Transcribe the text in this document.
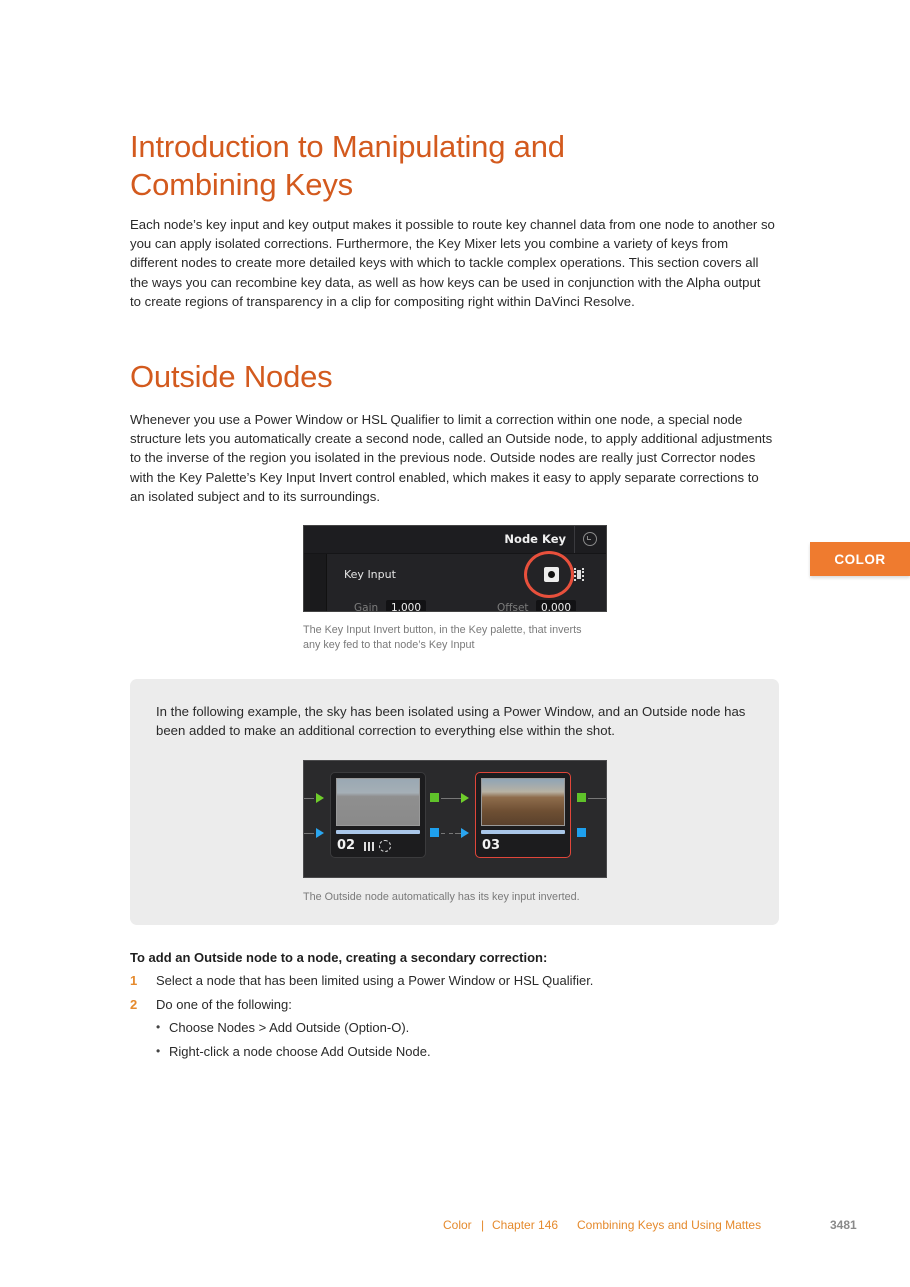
Introduction to Manipulating and Combining Keys

Each node’s key input and key output makes it possible to route key channel data from one node to another so you can apply isolated corrections. Furthermore, the Key Mixer lets you combine a variety of keys from different nodes to create more detailed keys with which to tackle complex operations. This section covers all the ways you can recombine key data, as well as how keys can be used in conjunction with the Alpha output to create regions of transparency in a clip for compositing right within DaVinci Resolve.

Outside Nodes

Whenever you use a Power Window or HSL Qualifier to limit a correction within one node, a special node structure lets you automatically create a second node, called an Outside node, to apply additional adjustments to the inverse of the region you isolated in the previous node. Outside nodes are really just Corrector nodes with the Key Palette’s Key Input Invert control enabled, which makes it easy to apply separate corrections to an isolated subject and to its surroundings.

COLOR
Node Key
Key Input
Gain	1.000	Offset	0.000
The Key Input Invert button, in the Key palette, that inverts any key fed to that node’s Key Input

In the following example, the sky has been isolated using a Power Window, and an Outside node has been added to make an additional correction to everything else within the shot.

02	03
The Outside node automatically has its key input inverted.
To add an Outside node to a node, creating a secondary correction:
1 Select a node that has been limited using a Power Window or HSL Qualifier.
2 Do one of the following:
• Choose Nodes > Add Outside (Option-O).
• Right-click a node choose Add Outside Node.
Color | Chapter 146 Combining Keys and Using Mattes	3481
